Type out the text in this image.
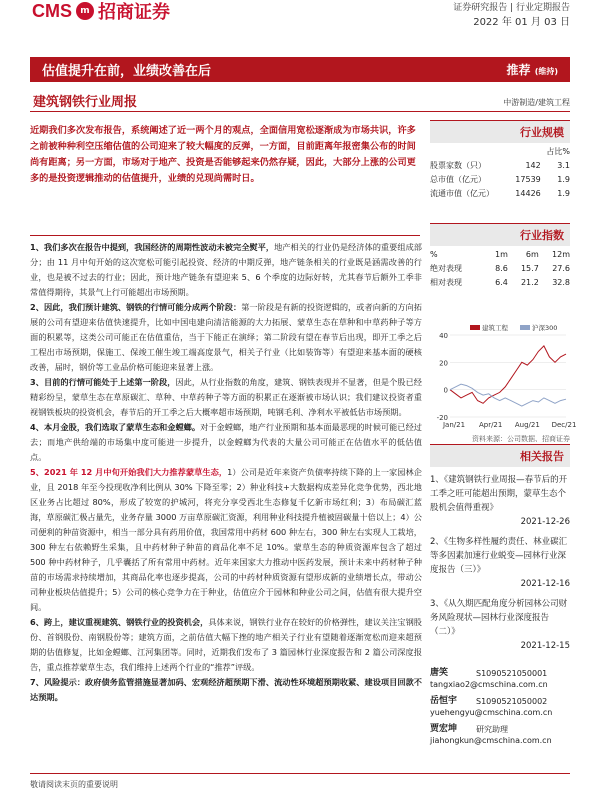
CMS m 招商证券	证券研究报告 | 行业定期报告
2022 年 01 月 03 日
估值提升在前，业绩改善在后	推荐 (维持)
建筑钢铁行业周报	中游制造/建筑工程
近期我们多次发布报告，系统阐述了近一两个月的观点，全面信用宽松逐渐成为市场共识，许多之前被种种利空压缩估值的公司迎来了较大幅度的反弹，一方面，目前距离年报密集公布的时间尚有距离；另一方面，市场对于地产、投资是否能够起来仍然存疑，因此，大部分上涨的公司更多的是投资逻辑推动的估值提升，业绩的兑现尚需时日。

1、我们多次在报告中提到，我国经济的周期性波动未被完全熨平，地产相关的行业仍是经济体的重要组成部分；由 11 月中旬开始的这次宽松可能引起投资、经济的中期反弹，地产链条相关的行业既是涵需改善的行业，也是被不过去的行业；因此，预计地产链条有望迎来 5、6 个季度的边际好转，尤其春节后额外工季非常值得期待，其景气上行可能超出市场预期。

2、因此，我们预计建筑、钢铁的行情可能分成两个阶段：第一阶段是有新的投资逻辑的，或者向新的方向拓展的公司有望迎来估值快速提升，比如中国电建向清洁能源的大力拓展、蒙草生态在草种和中草药种子等方面的积累等，这类公司可能正在估值重估，当于下能正在演绎；第二阶段有望在春节后出现，即开工季之后工程出市场预期，保施工、保竣工催生竣工端高度景气，相关子行业（比如装饰等）有望迎来基本面的硬核改善，届时，钢价等工业品价格可能迎来显著上涨。

3、目前的行情可能处于上述第一阶段，因此，从行业指数的角度，建筑、钢铁表现并不显著，但是个股已经精彩纷呈，蒙草生态在草原碳汇、草种、中草药种子等方面的积累正在逐渐被市场认识；我们建议投资者重视钢铁板块的投资机会，春节后的开工季之后大概率超市场预期，吨钢毛利、净利水平被低估市场预期。

4、本月金股，我们选取了蒙草生态和金螳螂。对于金螳螂，地产行业预期和基本面最恶现的时候可能已经过去；而地产供给端的市场集中度可能进一步提升，以金螳螂为代表的大量公司可能正在估值水平的低估值点。

5、2021 年 12 月中旬开始我们大力推荐蒙草生态，1）公司是近年来资产负债率持续下降的上一家园林企业，且 2018 年至今投现收净利比例从 30% 下降至零；2）种业科技+大数据构成差异化竞争优势，西北地区业务占比超过 80%，形成了较宽的护城河，将充分享受西北生态修复千亿新市场红利；3）布局碳汇蓝海，草原碳汇极占量先，业务存量 3000 万亩草原碳汇资源，利用种业科技提升植被固碳量十倍以上；4）公司便利的种苗资源中，相当一部分具有药用价值，我国常用中药材 600 种左右，300 种左右实现人工栽培，300 种左右依赖野生采集，且中药材种子种苗的商品化率不足 10%。蒙草生态的种质资源库包含了超过 500 种中药材种子，几乎囊括了所有常用中药材。近年来国家大力推动中医药发展，预计未来中药材种子种苗的市场需求持续增加，其商品化率也逐步提高，公司的中药材种质资源有望形成新的业绩增长点，带动公司种业板块估值提升；5）公司的核心竞争力在于种业，估值应介于园林和种业公司之间，估值有很大提升空间。

6、跨上，建议重视建筑、钢铁行业的投资机会，具体来说，钢铁行业存在较好的价格弹性，建议关注宝钢股份、首钢股份、南钢股份等；建筑方面，之前估值大幅下挫的地产相关子行业有望随着逐渐宽松而迎来超预期的估值修复，比如金螳螂、江河集团等。同时，近期我们发布了 3 篇园林行业深度报告和 2 篇公司深度报告，重点推荐蒙草生态，我们维持上述两个行业的“推荐”评级。

7、风险提示：政府债务监管措施显著加码、宏观经济超预期下滑、流动性环境超预期收紧、建设项目回款不达预期。

行业规模
		占比%
股票家数（只）	142	3.1
总市值（亿元）	17539	1.9
流通市值（亿元）	14426	1.9
行业指数
%	1m	6m	12m
绝对表现	8.6	15.7	27.6
相对表现	6.4	21.2	32.8
40
20
0
-20
Jan/21 Apr/21 Aug/21 Dec/21
建筑工程	沪深300
资料来源：公司数据、招商证券
相关报告
1、《建筑钢铁行业周报—春节后的开工季之旺可能超出预期，蒙草生态个股机会值得重视》
2021-12-26
2、《生物多样性履约责任、林业碳汇等多因素加速行业蜕变—园林行业深度报告（三）》
2021-12-16
3、《从久期匹配角度分析园林公司财务风险现状—园林行业深度报告（二）》
2021-12-15
唐笑	S1090521050001
tangxiao2@cmschina.com.cn
岳恒宇	S1090521050002
yuehengyu@cmschina.com.cn
贾宏坤	研究助理
jiahongkun@cmschina.com.cn
敬请阅读末页的重要说明
